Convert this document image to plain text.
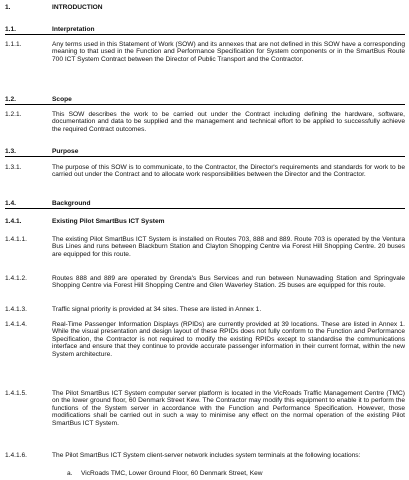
1.	INTRODUCTION
1.1.	Interpretation
1.1.1.	Any terms used in this Statement of Work (SOW) and its annexes that are not defined in this SOW have a corresponding meaning to that used in the Function and Performance Specification for System components or in the SmartBus Route 700 ICT System Contract between the Director of Public Transport and the Contractor.
1.2.	Scope
1.2.1.	This SOW describes the work to be carried out under the Contract including defining the hardware, software, documentation and data to be supplied and the management and technical effort to be applied to successfully achieve the required Contract outcomes.
1.3.	Purpose
1.3.1.	The purpose of this SOW is to communicate, to the Contractor, the Director's requirements and standards for work to be carried out under the Contract and to allocate work responsibilities between the Director and the Contractor.
1.4.	Background
1.4.1.	Existing Pilot SmartBus ICT System
1.4.1.1.	The existing Pilot SmartBus ICT System is installed on Routes 703, 888 and 889. Route 703 is operated by the Ventura Bus Lines and runs between Blackburn Station and Clayton Shopping Centre via Forest Hill Shopping Centre. 20 buses are equipped for this route.
1.4.1.2.	Routes 888 and 889 are operated by Grenda's Bus Services and run between Nunawading Station and Springvale Shopping Centre via Forest Hill Shopping Centre and Glen Waverley Station. 25 buses are equipped for this route.
1.4.1.3.	Traffic signal priority is provided at 34 sites. These are listed in Annex 1.
1.4.1.4.	Real-Time Passenger Information Displays (RPIDs) are currently provided at 39 locations. These are listed in Annex 1. While the visual presentation and design layout of these RPIDs does not fully conform to the Function and Performance Specification, the Contractor is not required to modify the existing RPIDs except to standardise the communications interface and ensure that they continue to provide accurate passenger information in their current format, within the new System architecture.
1.4.1.5.	The Pilot SmartBus ICT System computer server platform is located in the VicRoads Traffic Management Centre (TMC) on the lower ground floor, 60 Denmark Street Kew. The Contractor may modify this equipment to enable it to perform the functions of the System server in accordance with the Function and Performance Specification. However, those modifications shall be carried out in such a way to minimise any effect on the normal operation of the existing Pilot SmartBus ICT System.
1.4.1.6.	The Pilot SmartBus ICT System client-server network includes system terminals at the following locations:
a. VicRoads TMC, Lower Ground Floor, 60 Denmark Street, Kew
